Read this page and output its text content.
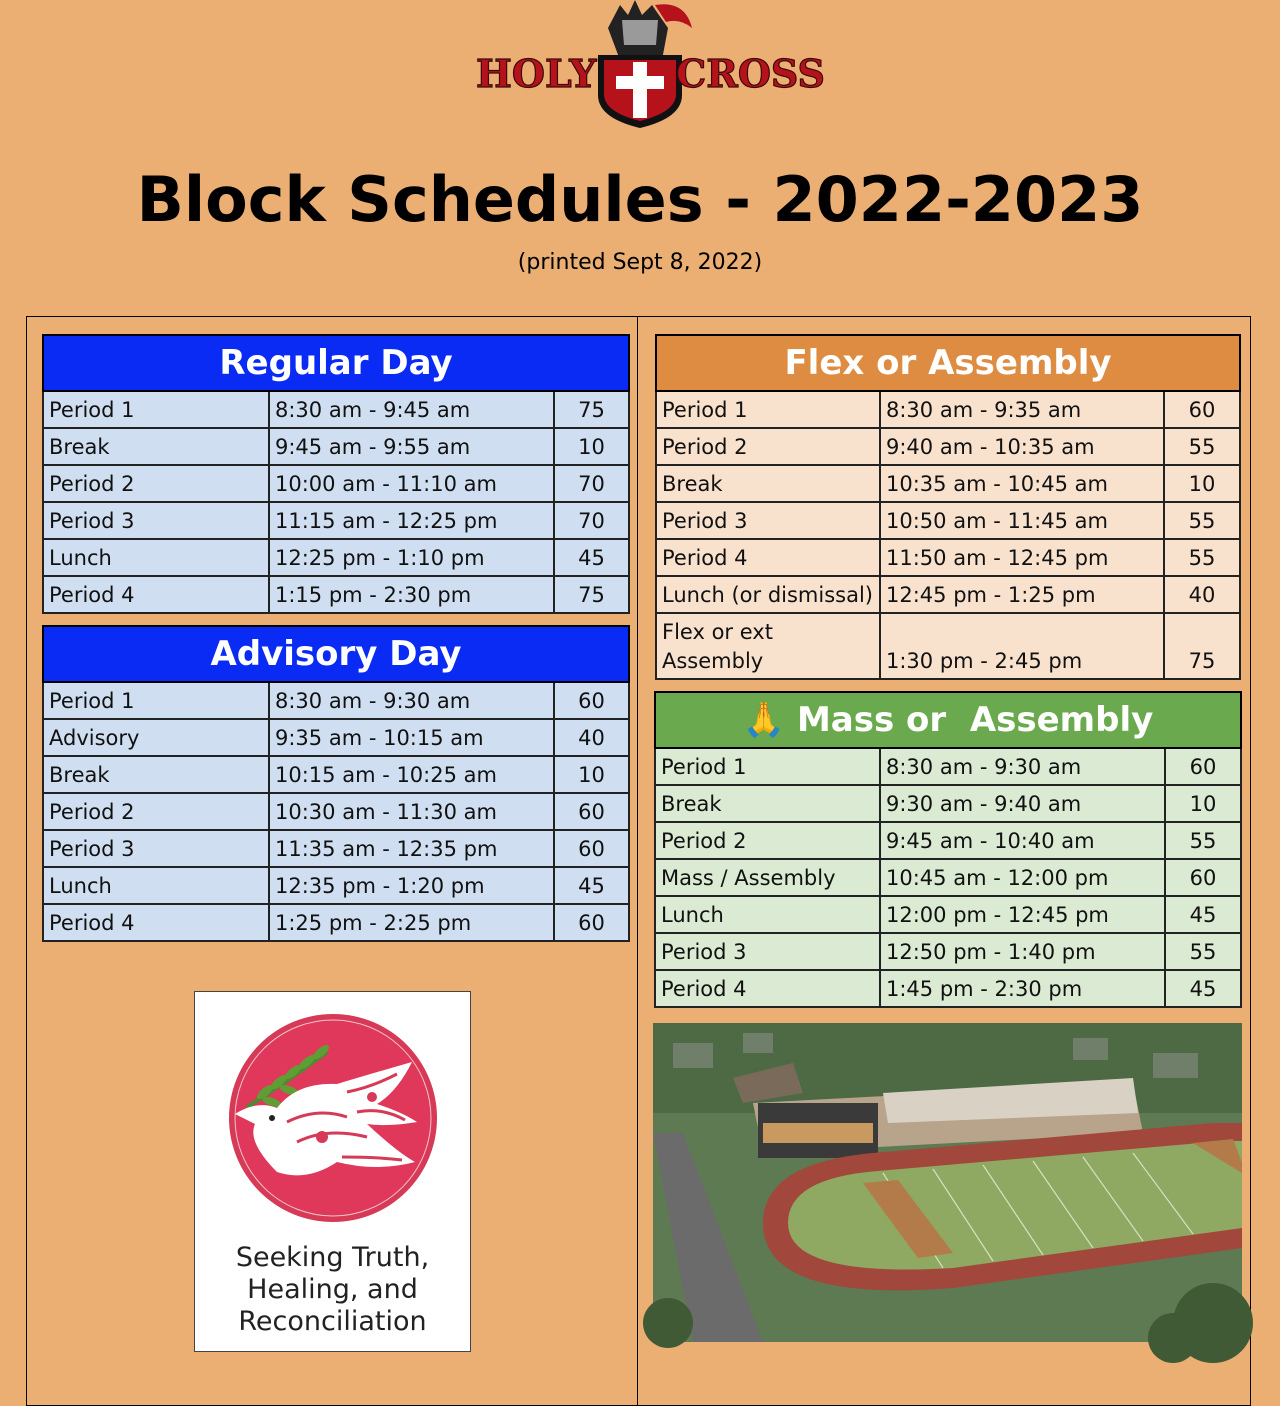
HOLY CROSS
Block Schedules - 2022-2023
(printed Sept 8, 2022)
Regular Day		
Period 1	8:30 am - 9:45 am	75
Break	9:45 am - 9:55 am	10
Period 2	10:00 am - 11:10 am	70
Period 3	11:15 am - 12:25 pm	70
Lunch	12:25 pm - 1:10 pm	45
Period 4	1:15 pm - 2:30 pm	75
Advisory Day		
Period 1	8:30 am - 9:30 am	60
Advisory	9:35 am - 10:15 am	40
Break	10:15 am - 10:25 am	10
Period 2	10:30 am - 11:30 am	60
Period 3	11:35 am - 12:35 pm	60
Lunch	12:35 pm - 1:20 pm	45
Period 4	1:25 pm - 2:25 pm	60
Flex or Assembly		
Period 1	8:30 am - 9:35 am	60
Period 2	9:40 am - 10:35 am	55
Break	10:35 am - 10:45 am	10
Period 3	10:50 am - 11:45 am	55
Period 4	11:50 am - 12:45 pm	55
Lunch (or dismissal)	12:45 pm - 1:25 pm	40
Flex or ext Assembly	1:30 pm - 2:45 pm	75
🙏 Mass or  Assembly		
Period 1	8:30 am - 9:30 am	60
Break	9:30 am - 9:40 am	10
Period 2	9:45 am - 10:40 am	55
Mass / Assembly	10:45 am - 12:00 pm	60
Lunch	12:00 pm - 12:45 pm	45
Period 3	12:50 pm - 1:40 pm	55
Period 4	1:45 pm - 2:30 pm	45
Seeking Truth,
Healing, and
Reconciliation
